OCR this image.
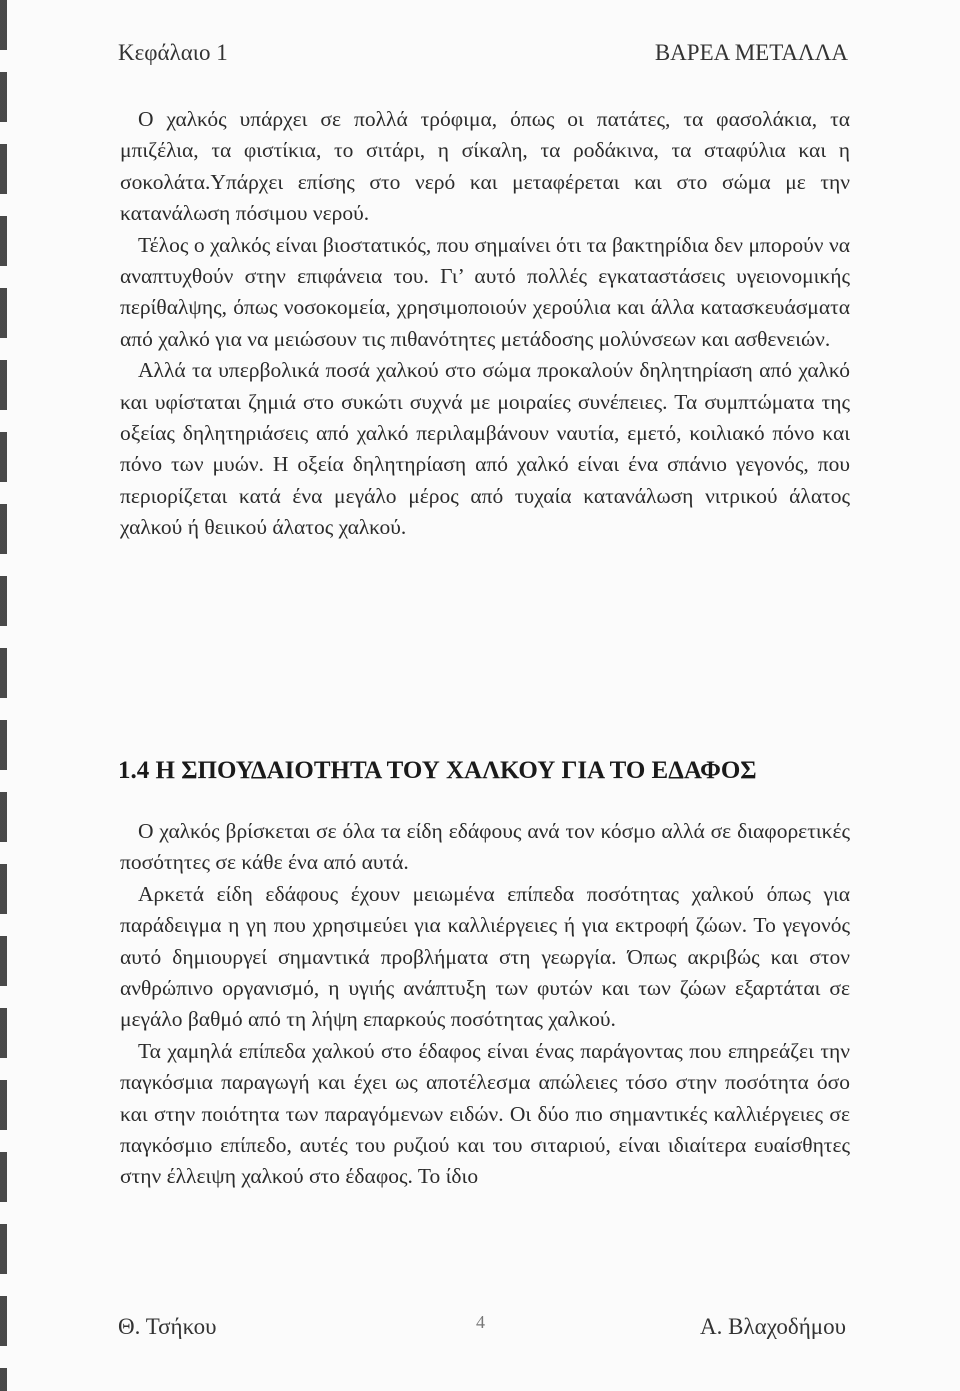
Κεφάλαιο 1	ΒΑΡΕΑ ΜΕΤΑΛΛΑ

Ο χαλκός υπάρχει σε πολλά τρόφιμα, όπως οι πατάτες, τα φασολάκια, τα μπιζέλια, τα φιστίκια, το σιτάρι, η σίκαλη, τα ροδάκινα, τα σταφύλια και η σοκολάτα.Υπάρχει επίσης στο νερό και μεταφέρεται και στο σώμα με την κατανάλωση πόσιμου νερού.

Τέλος ο χαλκός είναι βιοστατικός, που σημαίνει ότι τα βακτηρίδια δεν μπορούν να αναπτυχθούν στην επιφάνεια του. Γι’ αυτό πολλές εγκαταστάσεις υγειονομικής περίθαλψης, όπως νοσοκομεία, χρησιμοποιούν χερούλια και άλλα κατασκευάσματα από χαλκό για να μειώσουν τις πιθανότητες μετάδοσης μολύνσεων και ασθενειών.

Αλλά τα υπερβολικά ποσά χαλκού στο σώμα προκαλούν δηλητηρίαση από χαλκό και υφίσταται ζημιά στο συκώτι συχνά με μοιραίες συνέπειες. Τα συμπτώματα της οξείας δηλητηριάσεις από χαλκό περιλαμβάνουν ναυτία, εμετό, κοιλιακό πόνο και πόνο των μυών. Η οξεία δηλητηρίαση από χαλκό είναι ένα σπάνιο γεγονός, που περιορίζεται κατά ένα μεγάλο μέρος από τυχαία κατανάλωση νιτρικού άλατος χαλκού ή θειικού άλατος χαλκού.

1.4 Η ΣΠΟΥΔΑΙΟΤΗΤΑ ΤΟΥ ΧΑΛΚΟΥ ΓΙΑ ΤΟ ΕΔΑΦΟΣ

Ο χαλκός βρίσκεται σε όλα τα είδη εδάφους ανά τον κόσμο αλλά σε διαφορετικές ποσότητες σε κάθε ένα από αυτά.

Αρκετά είδη εδάφους έχουν μειωμένα επίπεδα ποσότητας χαλκού όπως για παράδειγμα η γη που χρησιμεύει για καλλιέργειες ή για εκτροφή ζώων. Το γεγονός αυτό δημιουργεί σημαντικά προβλήματα στη γεωργία. Όπως ακριβώς και στον ανθρώπινο οργανισμό, η υγιής ανάπτυξη των φυτών και των ζώων εξαρτάται σε μεγάλο βαθμό από τη λήψη επαρκούς ποσότητας χαλκού.

Τα χαμηλά επίπεδα χαλκού στο έδαφος είναι ένας παράγοντας που επηρεάζει την παγκόσμια παραγωγή και έχει ως αποτέλεσμα απώλειες τόσο στην ποσότητα όσο και στην ποιότητα των παραγόμενων ειδών. Οι δύο πιο σημαντικές καλλιέργειες σε παγκόσμιο επίπεδο, αυτές του ρυζιού και του σιταριού, είναι ιδιαίτερα ευαίσθητες στην έλλειψη χαλκού στο έδαφος. Το ίδιο

Θ. Τσήκου	4	Α. Βλαχοδήμου
